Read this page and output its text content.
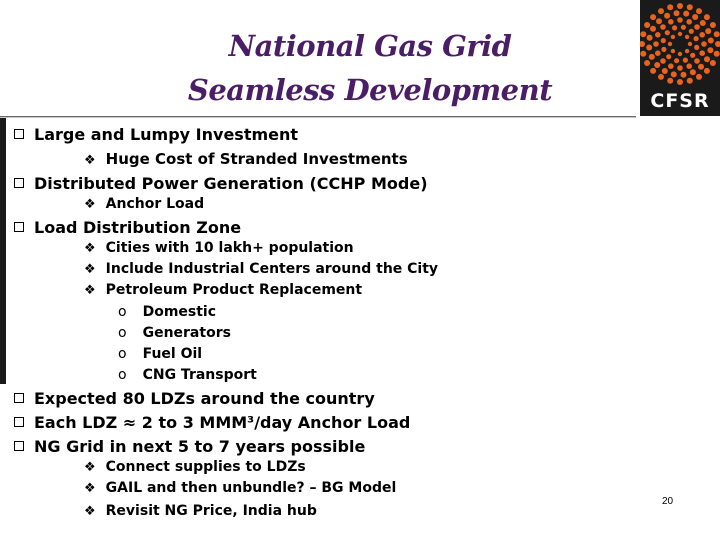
National Gas Grid
Seamless Development	CFSR
Large and Lumpy Investment
❖ Huge Cost of Stranded Investments
Distributed Power Generation (CCHP Mode)
❖ Anchor Load
Load Distribution Zone
❖ Cities with 10 lakh+ population
❖ Include Industrial Centers around the City
❖ Petroleum Product Replacement
o Domestic
o Generators
o Fuel Oil
o CNG Transport
Expected 80 LDZs around the country
Each LDZ ≈ 2 to 3 MMM³/day Anchor Load
NG Grid in next 5 to 7 years possible
❖ Connect supplies to LDZs
❖ GAIL and then unbundle? – BG Model
❖ Revisit NG Price, India hub
20
